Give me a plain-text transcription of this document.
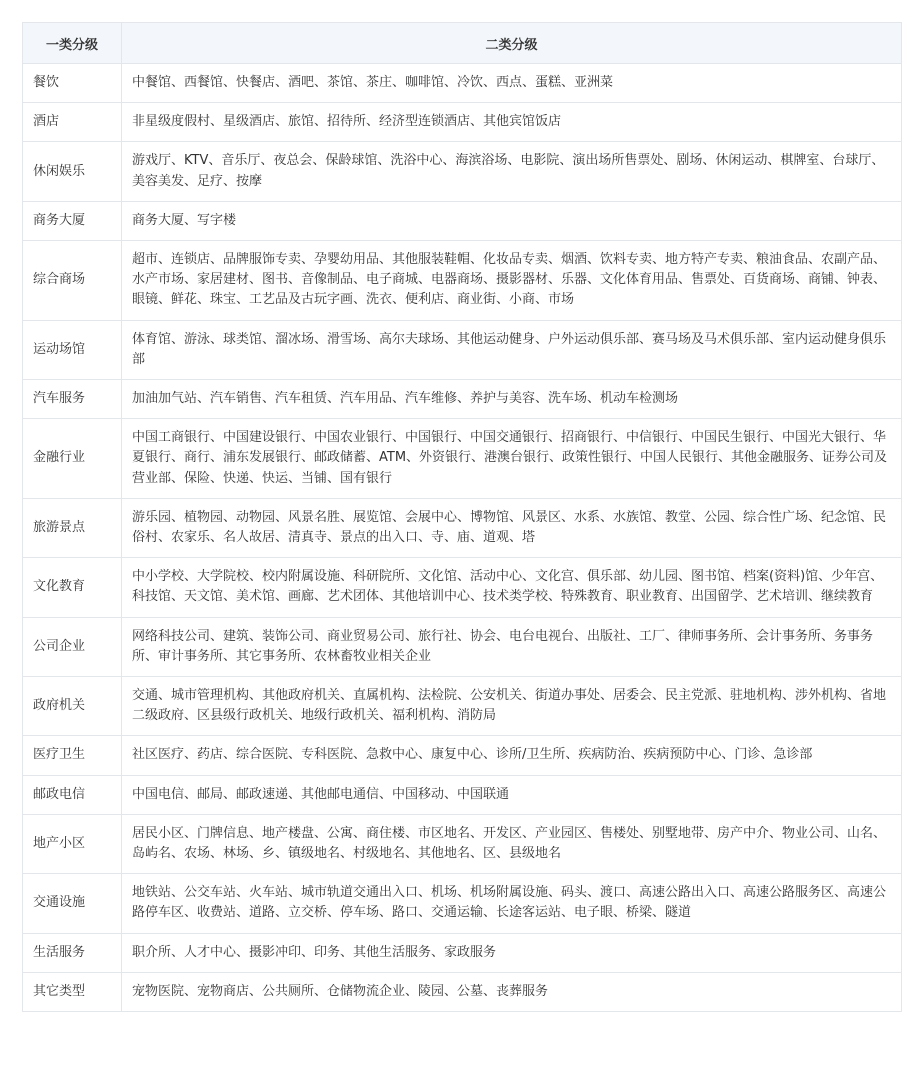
一类分级	二类分级
餐饮	中餐馆、西餐馆、快餐店、酒吧、茶馆、茶庄、咖啡馆、冷饮、西点、蛋糕、亚洲菜
酒店	非星级度假村、星级酒店、旅馆、招待所、经济型连锁酒店、其他宾馆饭店
休闲娱乐	游戏厅、KTV、音乐厅、夜总会、保龄球馆、洗浴中心、海滨浴场、电影院、演出场所售票处、剧场、休闲运动、棋牌室、台球厅、美容美发、足疗、按摩
商务大厦	商务大厦、写字楼
综合商场	超市、连锁店、品牌服饰专卖、孕婴幼用品、其他服装鞋帽、化妆品专卖、烟酒、饮料专卖、地方特产专卖、粮油食品、农副产品、水产市场、家居建材、图书、音像制品、电子商城、电器商场、摄影器材、乐器、文化体育用品、售票处、百货商场、商铺、钟表、眼镜、鲜花、珠宝、工艺品及古玩字画、洗衣、便利店、商业街、小商、市场
运动场馆	体育馆、游泳、球类馆、溜冰场、滑雪场、高尔夫球场、其他运动健身、户外运动俱乐部、赛马场及马术俱乐部、室内运动健身俱乐部
汽车服务	加油加气站、汽车销售、汽车租赁、汽车用品、汽车维修、养护与美容、洗车场、机动车检测场
金融行业	中国工商银行、中国建设银行、中国农业银行、中国银行、中国交通银行、招商银行、中信银行、中国民生银行、中国光大银行、华夏银行、商行、浦东发展银行、邮政储蓄、ATM、外资银行、港澳台银行、政策性银行、中国人民银行、其他金融服务、证券公司及营业部、保险、快递、快运、当铺、国有银行
旅游景点	游乐园、植物园、动物园、风景名胜、展览馆、会展中心、博物馆、风景区、水系、水族馆、教堂、公园、综合性广场、纪念馆、民俗村、农家乐、名人故居、清真寺、景点的出入口、寺、庙、道观、塔
文化教育	中小学校、大学院校、校内附属设施、科研院所、文化馆、活动中心、文化宫、俱乐部、幼儿园、图书馆、档案(资料)馆、少年宫、科技馆、天文馆、美术馆、画廊、艺术团体、其他培训中心、技术类学校、特殊教育、职业教育、出国留学、艺术培训、继续教育
公司企业	网络科技公司、建筑、装饰公司、商业贸易公司、旅行社、协会、电台电视台、出版社、工厂、律师事务所、会计事务所、务事务所、审计事务所、其它事务所、农林畜牧业相关企业
政府机关	交通、城市管理机构、其他政府机关、直属机构、法检院、公安机关、街道办事处、居委会、民主党派、驻地机构、涉外机构、省地二级政府、区县级行政机关、地级行政机关、福利机构、消防局
医疗卫生	社区医疗、药店、综合医院、专科医院、急救中心、康复中心、诊所/卫生所、疾病防治、疾病预防中心、门诊、急诊部
邮政电信	中国电信、邮局、邮政速递、其他邮电通信、中国移动、中国联通
地产小区	居民小区、门牌信息、地产楼盘、公寓、商住楼、市区地名、开发区、产业园区、售楼处、别墅地带、房产中介、物业公司、山名、岛屿名、农场、林场、乡、镇级地名、村级地名、其他地名、区、县级地名
交通设施	地铁站、公交车站、火车站、城市轨道交通出入口、机场、机场附属设施、码头、渡口、高速公路出入口、高速公路服务区、高速公路停车区、收费站、道路、立交桥、停车场、路口、交通运输、长途客运站、电子眼、桥梁、隧道
生活服务	职介所、人才中心、摄影冲印、印务、其他生活服务、家政服务
其它类型	宠物医院、宠物商店、公共厕所、仓储物流企业、陵园、公墓、丧葬服务
